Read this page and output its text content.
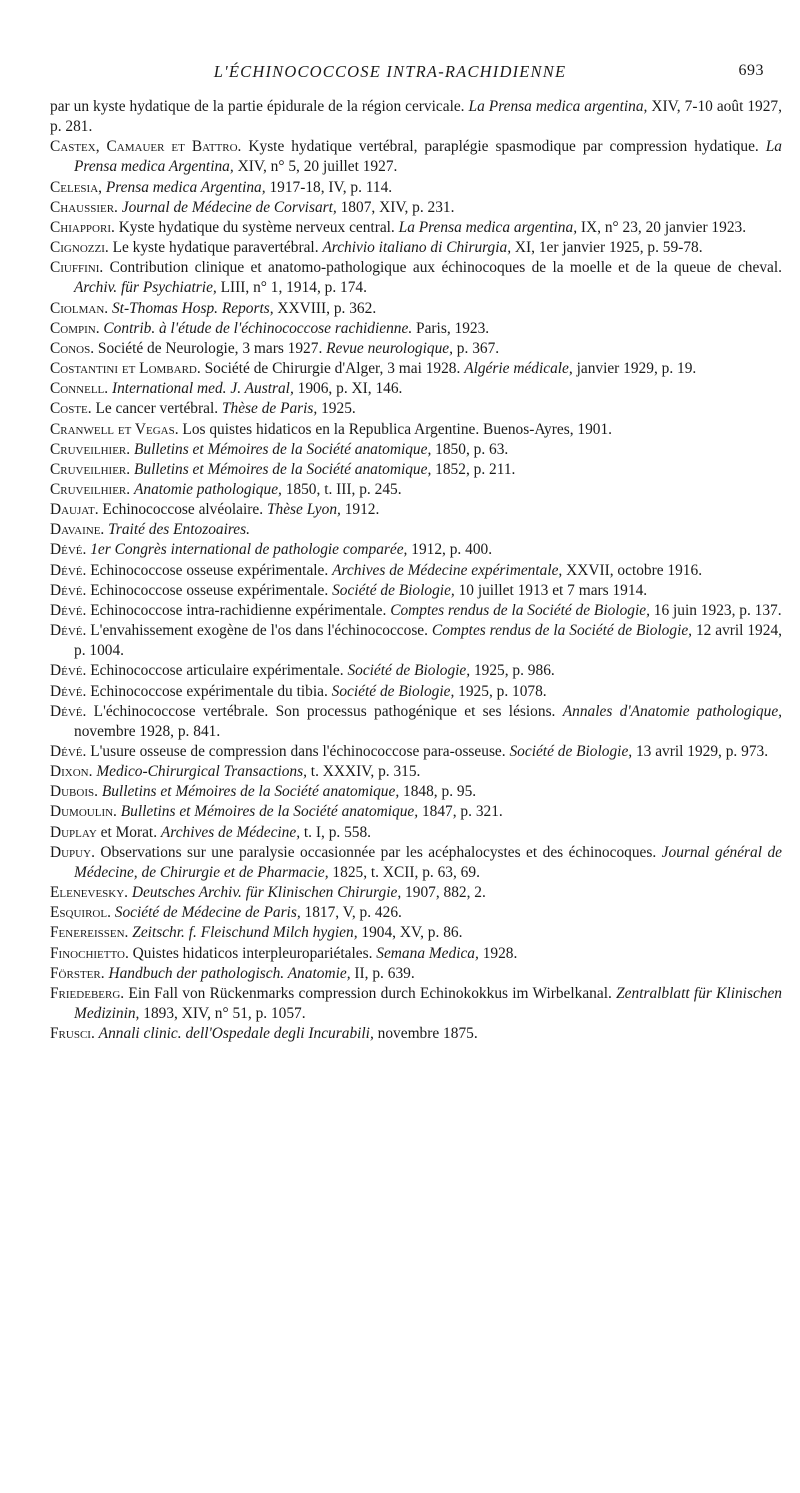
L'ÉCHINOCOCCOSE INTRA-RACHIDIENNE	693

par un kyste hydatique de la partie épidurale de la région cervicale. La Prensa medica argentina, XIV, 7-10 août 1927, p. 281.

Castex, Camauer et Battro. Kyste hydatique vertébral, paraplégie spasmodique par compression hydatique. La Prensa medica Argentina, XIV, n° 5, 20 juillet 1927.

Celesia, Prensa medica Argentina, 1917-18, IV, p. 114.

Chaussier. Journal de Médecine de Corvisart, 1807, XIV, p. 231.

Chiappori. Kyste hydatique du système nerveux central. La Prensa medica argentina, IX, n° 23, 20 janvier 1923.

Cignozzi. Le kyste hydatique paravertébral. Archivio italiano di Chirurgia, XI, 1er janvier 1925, p. 59-78.

Ciuffini. Contribution clinique et anatomo-pathologique aux échinocoques de la moelle et de la queue de cheval. Archiv. für Psychiatrie, LIII, n° 1, 1914, p. 174.

Ciolman. St-Thomas Hosp. Reports, XXVIII, p. 362.

Compin. Contrib. à l'étude de l'échinococcose rachidienne. Paris, 1923.

Conos. Société de Neurologie, 3 mars 1927. Revue neurologique, p. 367.

Costantini et Lombard. Société de Chirurgie d'Alger, 3 mai 1928. Algérie médicale, janvier 1929, p. 19.

Connell. International med. J. Austral, 1906, p. XI, 146.

Coste. Le cancer vertébral. Thèse de Paris, 1925.

Cranwell et Vegas. Los quistes hidaticos en la Republica Argentine. Buenos-Ayres, 1901.

Cruveilhier. Bulletins et Mémoires de la Société anatomique, 1850, p. 63.

Cruveilhier. Bulletins et Mémoires de la Société anatomique, 1852, p. 211.

Cruveilhier. Anatomie pathologique, 1850, t. III, p. 245.

Daujat. Echinococcose alvéolaire. Thèse Lyon, 1912.

Davaine. Traité des Entozoaires.

Dévé. 1er Congrès international de pathologie comparée, 1912, p. 400.

Dévé. Echinococcose osseuse expérimentale. Archives de Médecine expérimentale, XXVII, octobre 1916.

Dévé. Echinococcose osseuse expérimentale. Société de Biologie, 10 juillet 1913 et 7 mars 1914.

Dévé. Echinococcose intra-rachidienne expérimentale. Comptes rendus de la Société de Biologie, 16 juin 1923, p. 137.

Dévé. L'envahissement exogène de l'os dans l'échinococcose. Comptes rendus de la Société de Biologie, 12 avril 1924, p. 1004.

Dévé. Echinococcose articulaire expérimentale. Société de Biologie, 1925, p. 986.

Dévé. Echinococcose expérimentale du tibia. Société de Biologie, 1925, p. 1078.

Dévé. L'échinococcose vertébrale. Son processus pathogénique et ses lésions. Annales d'Anatomie pathologique, novembre 1928, p. 841.

Dévé. L'usure osseuse de compression dans l'échinococcose para-osseuse. Société de Biologie, 13 avril 1929, p. 973.

Dixon. Medico-Chirurgical Transactions, t. XXXIV, p. 315.

Dubois. Bulletins et Mémoires de la Société anatomique, 1848, p. 95.

Dumoulin. Bulletins et Mémoires de la Société anatomique, 1847, p. 321.

Duplay et Morat. Archives de Médecine, t. I, p. 558.

Dupuy. Observations sur une paralysie occasionnée par les acéphalocystes et des échinocoques. Journal général de Médecine, de Chirurgie et de Pharmacie, 1825, t. XCII, p. 63, 69.

Elenevesky. Deutsches Archiv. für Klinischen Chirurgie, 1907, 882, 2.

Esquirol. Société de Médecine de Paris, 1817, V, p. 426.

Fenereissen. Zeitschr. f. Fleischund Milch hygien, 1904, XV, p. 86.

Finochietto. Quistes hidaticos interpleuropariétales. Semana Medica, 1928.

Förster. Handbuch der pathologisch. Anatomie, II, p. 639.

Friedeberg. Ein Fall von Rückenmarks compression durch Echinokokkus im Wirbelkanal. Zentralblatt für Klinischen Medizinin, 1893, XIV, n° 51, p. 1057.

Frusci. Annali clinic. dell'Ospedale degli Incurabili, novembre 1875.
